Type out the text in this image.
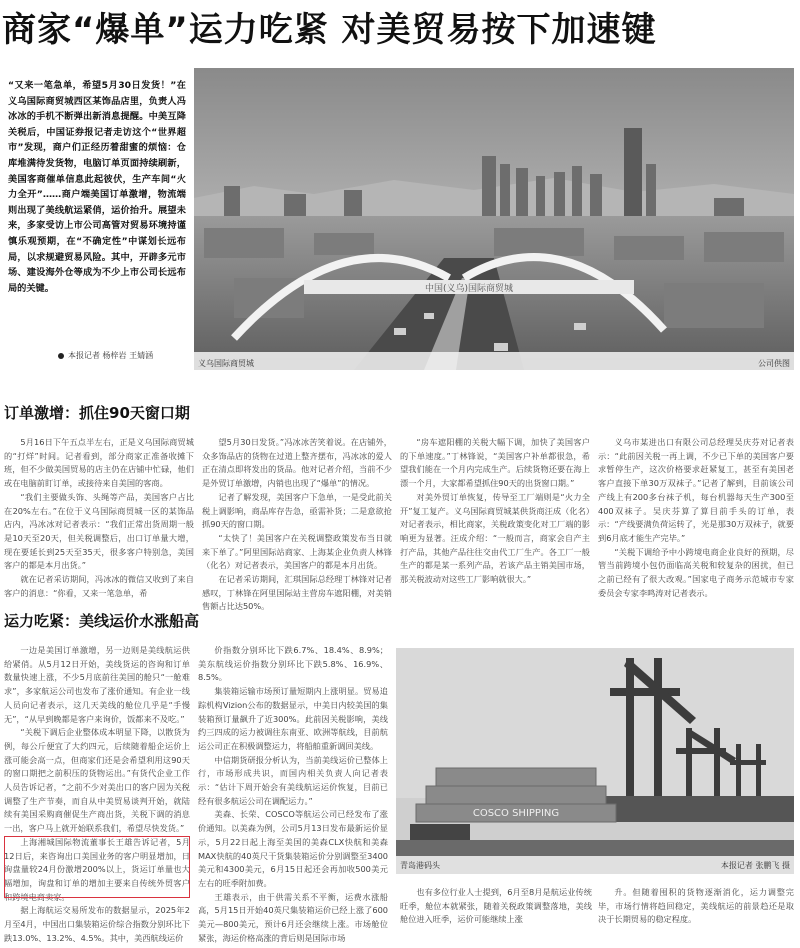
商家“爆单”运力吃紧 对美贸易按下加速键
“又来一笔急单，希望5月30日发货！”在义乌国际商贸城西区某饰品店里，负责人冯冰冰的手机不断弹出新消息提醒。中美互降关税后，中国证券报记者走访这个“世界超市”发现，商户们正经历着甜蜜的烦恼：仓库堆满待发货物，电脑订单页面持续刷新，美国客商催单信息此起彼伏，生产车间“火力全开”……商户端美国订单激增，物流端则出现了美线航运紧俏，运价抬升。展望未来，多家受访上市公司高管对贸易环境持谨慎乐观预期，在“不确定性”中谋划长远布局，以求规避贸易风险。其中，开辟多元市场、建设海外仓等成为不少上市公司长远布局的关键。
本报记者 杨梓岩 王婧涵
中国(义乌)国际商贸城
义乌国际商贸城	公司供图
订单激增：抓住90天窗口期

5月16日下午五点半左右，正是义乌国际商贸城的“打烊”时间。记者看到，部分商家正准备收摊下班，但不少做美国贸易的店主仍在店铺中忙碌，他们或在电脑前盯订单，或接待来自美国的客商。

“我们主要做头饰、头绳等产品，美国客户占比在20%左右。”在位于义乌国际商贸城一区的某饰品店内，冯冰冰对记者表示：“我们正常出货周期一般是10天至20天，但关税调整后，出口订单量大增，现在要延长到25天至35天，很多客户特别急，美国客户的都是本月出货。”

就在记者采访期间，冯冰冰的微信又收到了来自客户的消息：“你看，又来一笔急单，希

望5月30日发货。”冯冰冰苦笑着说。在店铺外，众多饰品店的货物在过道上整齐摆布，冯冰冰的爱人正在清点即将发出的货品。他对记者介绍，当前不少是外贸订单激增，内销也出现了“爆单”的情况。

记者了解发现，美国客户下急单，一是受此前关税上调影响，商品库存告急，亟需补货；二是意欲抢抓90天的窗口期。

“太快了！美国客户在关税调整政策发布当日就来下单了。”阿里国际站商家、上海某企业负责人林锋（化名）对记者表示，美国客户的都是本月出货。

在记者采访期间，汇琪国际总经理丁林锋对记者感叹，丁林锋在阿里国际站主营房车遮阳棚，对美销售额占比达50%。

“房车遮阳棚的关税大幅下调，加快了美国客户的下单速度。”丁林锋说，“美国客户补单都很急，希望我们能在一个月内完成生产。后续货物还要在海上漂一个月，大家都希望抓住90天的出货窗口期。”

对美外贸订单恢复，传导至工厂端则是“火力全开”复工复产。义乌国际商贸城某供货商汪成（化名）对记者表示，相比商家，关税政策变化对工厂端的影响更为显著。汪成介绍：“一般而言，商家会自产主打产品，其他产品往往交由代工厂生产。各工厂一般生产的都是某一系列产品，若该产品主销美国市场，那关税波动对这些工厂影响就很大。”

义乌市某进出口有限公司总经理吴庆芬对记者表示：“此前因关税一再上调，不少已下单的美国客户要求暂停生产，这次价格要求赶紧复工，甚至有美国老客户直接下单30万双袜子。”记者了解到，目前该公司产线上有200多台袜子机，每台机器每天生产300至400双袜子。吴庆芬算了算目前手头的订单，表示：“产线要满负荷运转了，光是那30万双袜子，就要到6月底才能生产完毕。”

“关税下调给予中小跨境电商企业良好的预期，尽管当前跨境小包仍面临高关税和较复杂的困扰，但已之前已经有了很大改观。”国家电子商务示范城市专家委员会专家李鸣涛对记者表示。

运力吃紧：美线运价水涨船高

一边是美国订单激增，另一边则是美线航运供给紧俏。从5月12日开始，美线货运的咨询和订单数量快速上涨，不少5月底前往美国的舱只“一舱难求”，多家航运公司也发布了涨价通知。有企业一线人员向记者表示，这几天美线的舱位几乎是“手慢无”，“从早到晚都是客户来询价，饭都来不及吃。”

“关税下调后企业整体成本明显下降，以散货为例，每公斤便宜了大约四元，后续随着船企运价上涨可能会高一点，但商家们还是会希望利用这90天的窗口期把之前积压的货物运出。”有货代企业工作人员告诉记者，“之前不少对美出口的客户因为关税调整了生产节奏，而自从中美贸易谈判开始，就陆续有美国采购商催促生产商出货，关税下调的消息一出，客户马上就开始联系我们，希望尽快发货。”

上海湘城国际物流董事长王雄告诉记者，5月12日后，来咨询出口美国业务的客户明显增加，日询盘量较24月份激增200%以上，货运订单量也大幅增加，询盘和订单的增加主要来自传统外贸客户和跨境电商卖家。

据上海航运交易所发布的数据显示，2025年2月至4月，中国出口集装箱运价综合指数分别环比下跌13.0%、13.2%、4.5%。其中，美西航线运价

价指数分别环比下跌6.7%、18.4%、8.9%；美东航线运价指数分别环比下跌5.8%、16.9%、8.5%。

集装箱运输市场预订量短期内上涨明显。贸易追踪机构Vizion公布的数据显示，中美日内较美国的集装箱预订量飙升了近300%。此前因关税影响，美线约三四成的运力被调往东南亚、欧洲等航线，目前航运公司正在积极调整运力，将船舶重新调回美线。

中信期货研报分析认为，当前美线运价已整体上行，市场形成共识，而国内相关负责人向记者表示：“估计下周开始会有美线航运运价恢复，目前已经有很多航运公司在调配运力。”

美森、长荣、COSCO等航运公司已经发布了涨价通知。以美森为例，公司5月13日发布最新运价显示，5月22日起上海至美国的美森CLX快航和美森MAX快航的40英尺干货集装箱运价分别调整至3400美元和4300美元，6月15日起还会再加收500美元左右的旺季附加费。

王雄表示，由于供需关系不平衡，运费水涨船高，5月15日开始40英尺集装箱运价已经上涨了600美元—800美元，预计6月还会继续上涨。市场舱位紧张，海运价格高涨的背后则是国际市场

COSCO SHIPPING
青岛港码头	本报记者 张鹏飞 摄

也有多位行业人士提到，6月至8月是航运业传统旺季，舱位本就紧张，随着关税政策调整落地，美线舱位进入旺季，运价可能继续上涨

升。但随着囤积的货物逐渐消化，运力调整完毕，市场行情将趋回稳定，美线航运的前景趋还是取决于长期贸易的稳定程度。
